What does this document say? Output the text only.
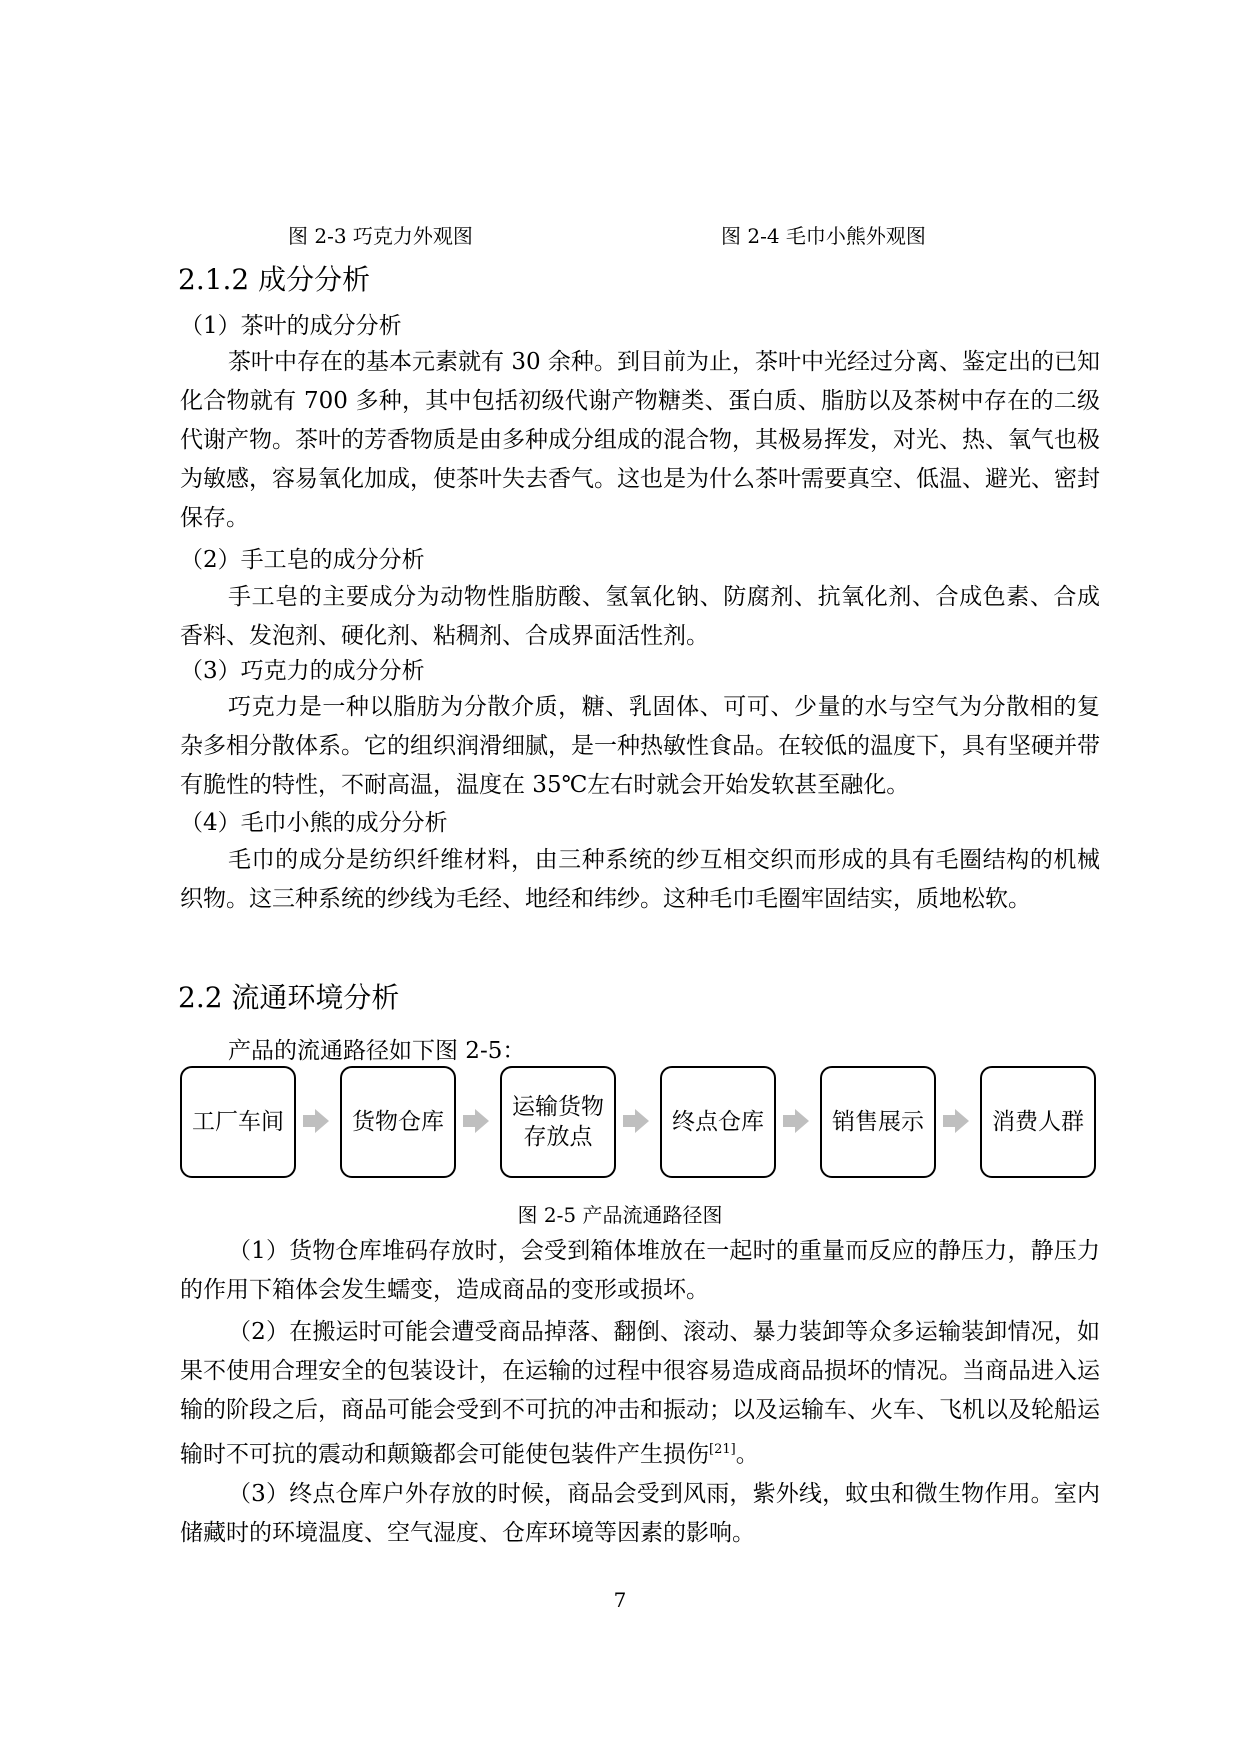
图 2-3 巧克力外观图	图 2-4 毛巾小熊外观图
2.1.2 成分分析
（1）茶叶的成分分析

茶叶中存在的基本元素就有 30 余种。到目前为止，茶叶中光经过分离、鉴定出的已知化合物就有 700 多种，其中包括初级代谢产物糖类、蛋白质、脂肪以及茶树中存在的二级代谢产物。茶叶的芳香物质是由多种成分组成的混合物，其极易挥发，对光、热、氧气也极为敏感，容易氧化加成，使茶叶失去香气。这也是为什么茶叶需要真空、低温、避光、密封保存。

（2）手工皂的成分分析

手工皂的主要成分为动物性脂肪酸、氢氧化钠、防腐剂、抗氧化剂、合成色素、合成香料、发泡剂、硬化剂、粘稠剂、合成界面活性剂。

（3）巧克力的成分分析

巧克力是一种以脂肪为分散介质，糖、乳固体、可可、少量的水与空气为分散相的复杂多相分散体系。它的组织润滑细腻，是一种热敏性食品。在较低的温度下，具有坚硬并带有脆性的特性，不耐高温，温度在 35℃左右时就会开始发软甚至融化。

（4）毛巾小熊的成分分析

毛巾的成分是纺织纤维材料，由三种系统的纱互相交织而形成的具有毛圈结构的机械织物。这三种系统的纱线为毛经、地经和纬纱。这种毛巾毛圈牢固结实，质地松软。

2.2 流通环境分析
产品的流通路径如下图 2-5：
工厂车间	货物仓库
运输货物存放点
终点仓库	销售展示	消费人群
图 2-5 产品流通路径图

（1）货物仓库堆码存放时，会受到箱体堆放在一起时的重量而反应的静压力，静压力的作用下箱体会发生蠕变，造成商品的变形或损坏。

（2）在搬运时可能会遭受商品掉落、翻倒、滚动、暴力装卸等众多运输装卸情况，如果不使用合理安全的包装设计，在运输的过程中很容易造成商品损坏的情况。当商品进入运输的阶段之后，商品可能会受到不可抗的冲击和振动；以及运输车、火车、飞机以及轮船运输时不可抗的震动和颠簸都会可能使包装件产生损伤[21]。

（3）终点仓库户外存放的时候，商品会受到风雨，紫外线，蚊虫和微生物作用。室内储藏时的环境温度、空气湿度、仓库环境等因素的影响。

7
